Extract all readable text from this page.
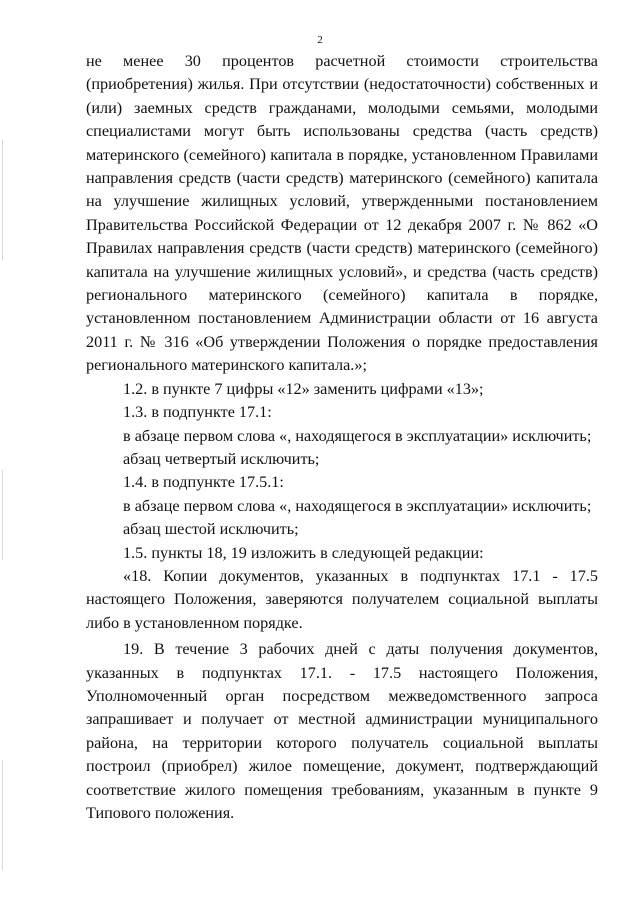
2

не менее 30 процентов расчетной стоимости строительства (приобретения) жилья. При отсутствии (недостаточности) собственных и (или) заемных средств гражданами, молодыми семьями, молодыми специалистами могут быть использованы средства (часть средств) материнского (семейного) капитала в порядке, установленном Правилами направления средств (части средств) материнского (семейного) капитала на улучшение жилищных условий, утвержденными постановлением Правительства Российской Федерации от 12 декабря 2007 г. № 862 «О Правилах направления средств (части средств) материнского (семейного) капитала на улучшение жилищных условий», и средства (часть средств) регионального материнского (семейного) капитала в порядке, установленном постановлением Администрации области от 16 августа 2011 г. № 316 «Об утверждении Положения о порядке предоставления регионального материнского капитала.»;

1.2. в пункте 7 цифры «12» заменить цифрами «13»;

1.3. в подпункте 17.1:

в абзаце первом слова «, находящегося в эксплуатации» исключить;

абзац четвертый исключить;

1.4. в подпункте 17.5.1:

в абзаце первом слова «, находящегося в эксплуатации» исключить;

абзац шестой исключить;

1.5. пункты 18, 19 изложить в следующей редакции:

«18. Копии документов, указанных в подпунктах 17.1 - 17.5 настоящего Положения, заверяются получателем социальной выплаты либо в установленном порядке.

19. В течение 3 рабочих дней с даты получения документов, указанных в подпунктах 17.1. - 17.5 настоящего Положения, Уполномоченный орган посредством межведомственного запроса запрашивает и получает от местной администрации муниципального района, на территории которого получатель социальной выплаты построил (приобрел) жилое помещение, документ, подтверждающий соответствие жилого помещения требованиям, указанным в пункте 9 Типового положения.
